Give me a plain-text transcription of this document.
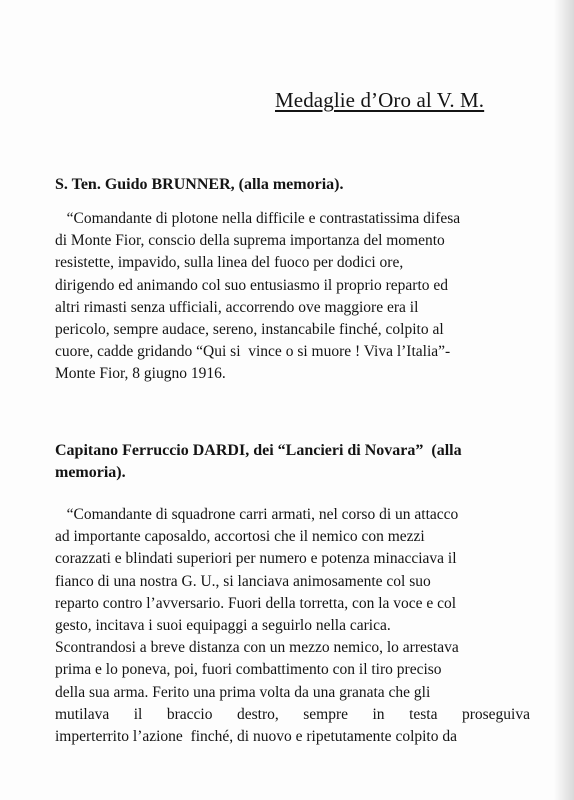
Medaglie d’Oro al V. M.
S. Ten. Guido BRUNNER, (alla memoria).
“Comandante di plotone nella difficile e contrastatissima difesa
di Monte Fior, conscio della suprema importanza del momento
resistette, impavido, sulla linea del fuoco per dodici ore,
dirigendo ed animando col suo entusiasmo il proprio reparto ed
altri rimasti senza ufficiali, accorrendo ove maggiore era il
pericolo, sempre audace, sereno, instancabile finché, colpito al
cuore, cadde gridando “Qui si  vince o si muore ! Viva l’Italia”-
Monte Fior, 8 giugno 1916.
Capitano Ferruccio DARDI, dei “Lancieri di Novara”  (alla
memoria).
“Comandante di squadrone carri armati, nel corso di un attacco
ad importante caposaldo, accortosi che il nemico con mezzi
corazzati e blindati superiori per numero e potenza minacciava il
fianco di una nostra G. U., si lanciava animosamente col suo
reparto contro l’avversario. Fuori della torretta, con la voce e col
gesto, incitava i suoi equipaggi a seguirlo nella carica.
Scontrandosi a breve distanza con un mezzo nemico, lo arrestava
prima e lo poneva, poi, fuori combattimento con il tiro preciso
della sua arma. Ferito una prima volta da una granata che gli
mutilava il braccio destro, sempre in testa proseguiva
imperterrito l’azione  finché, di nuovo e ripetutamente colpito da
